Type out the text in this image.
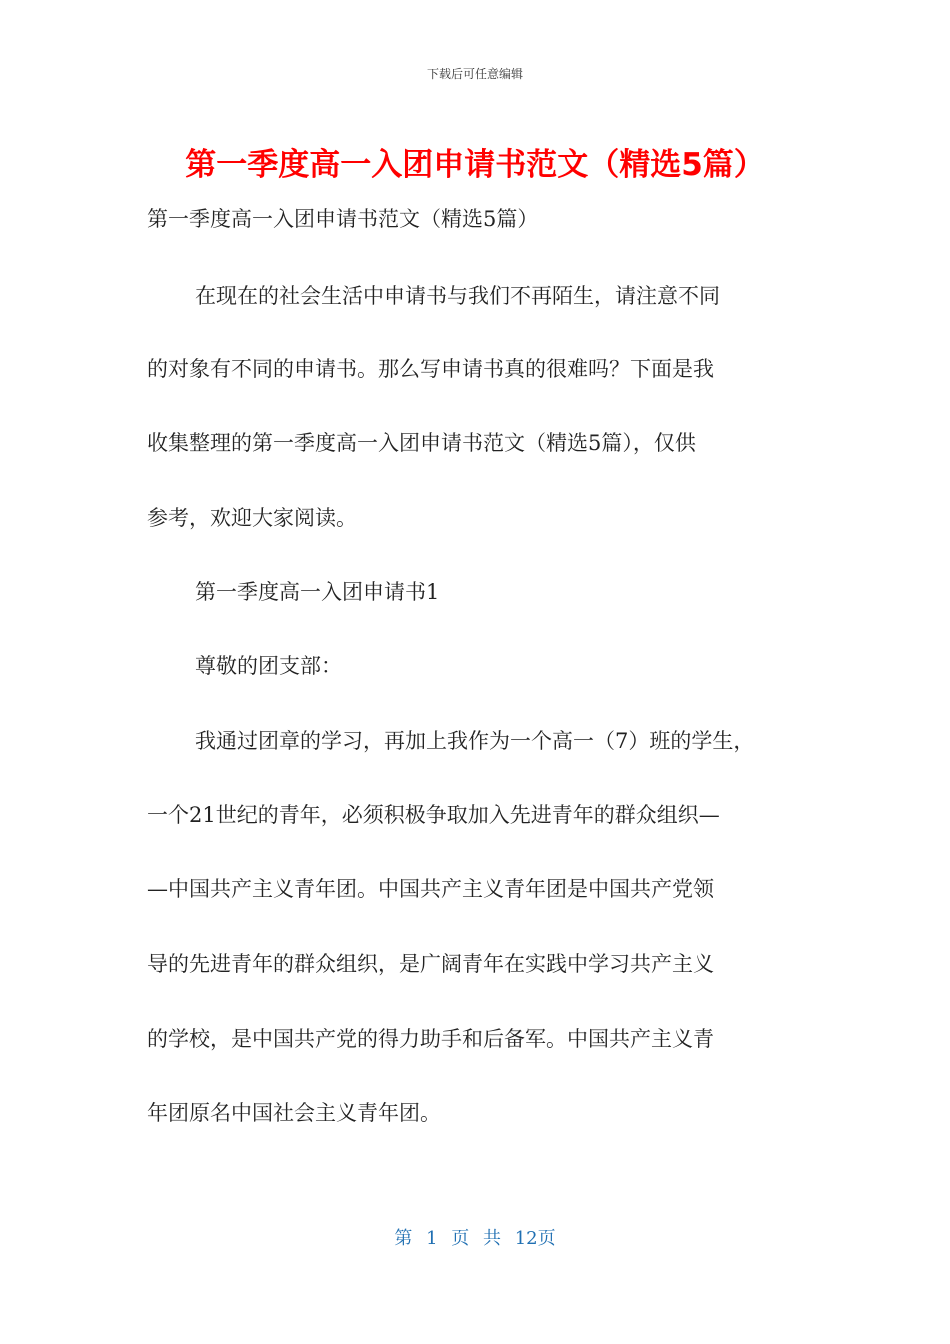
下载后可任意编辑
第一季度高一入团申请书范文（精选5篇）

第一季度高一入团申请书范文（精选5篇）

在现在的社会生活中申请书与我们不再陌生，请注意不同

的对象有不同的申请书。那么写申请书真的很难吗？下面是我

收集整理的第一季度高一入团申请书范文（精选5篇），仅供

参考，欢迎大家阅读。

第一季度高一入团申请书1

尊敬的团支部：

我通过团章的学习，再加上我作为一个高一（7）班的学生，

一个21世纪的青年，必须积极争取加入先进青年的群众组织—

—中国共产主义青年团。中国共产主义青年团是中国共产党领

导的先进青年的群众组织，是广阔青年在实践中学习共产主义

的学校，是中国共产党的得力助手和后备军。中国共产主义青

年团原名中国社会主义青年团。

第 1 页 共 12页
